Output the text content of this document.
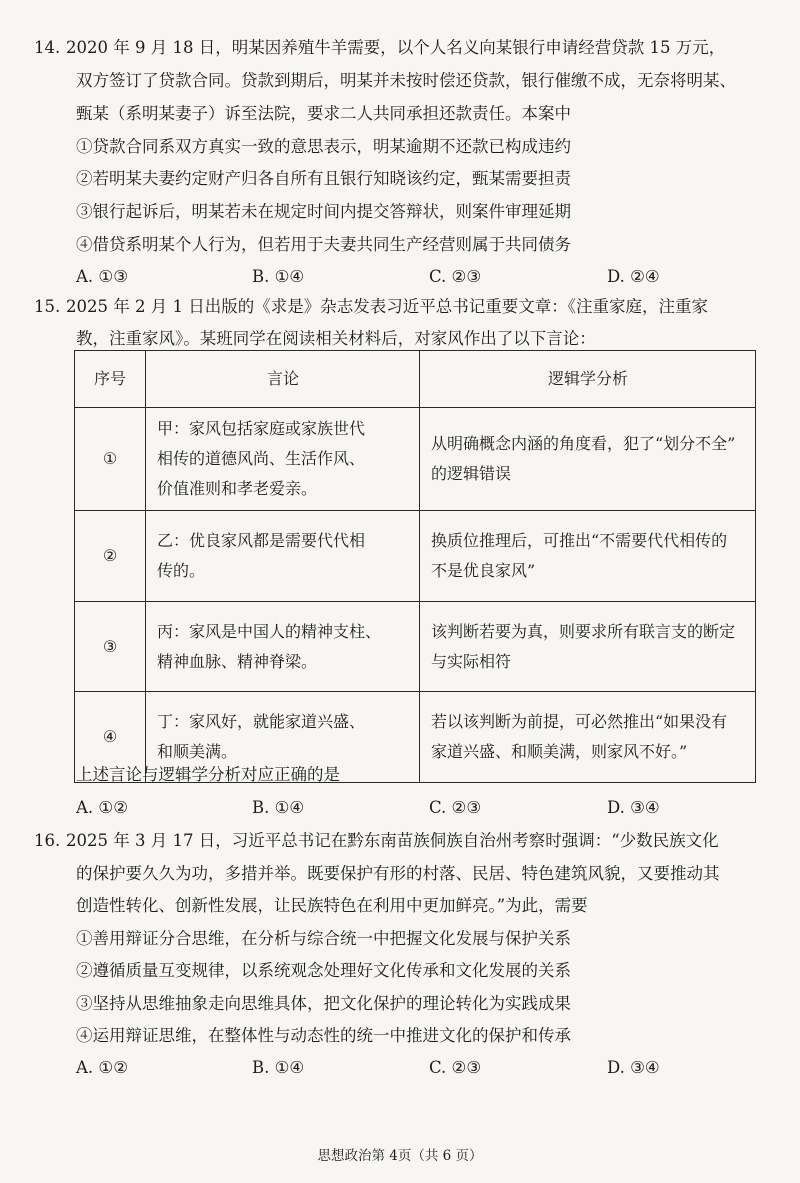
14. 2020 年 9 月 18 日，明某因养殖牛羊需要，以个人名义向某银行申请经营贷款 15 万元，
双方签订了贷款合同。贷款到期后，明某并未按时偿还贷款，银行催缴不成，无奈将明某、
甄某（系明某妻子）诉至法院，要求二人共同承担还款责任。本案中
①贷款合同系双方真实一致的意思表示，明某逾期不还款已构成违约
②若明某夫妻约定财产归各自所有且银行知晓该约定，甄某需要担责
③银行起诉后，明某若未在规定时间内提交答辩状，则案件审理延期
④借贷系明某个人行为，但若用于夫妻共同生产经营则属于共同债务
A. ①③	B. ①④	C. ②③	D. ②④
15. 2025 年 2 月 1 日出版的《求是》杂志发表习近平总书记重要文章：《注重家庭，注重家
教，注重家风》。某班同学在阅读相关材料后，对家风作出了以下言论：
序号	言论	逻辑学分析
①	甲：家风包括家庭或家族世代
相传的道德风尚、生活作风、
价值准则和孝老爱亲。	从明确概念内涵的角度看，犯了“划分不全”
的逻辑错误

②	乙：优良家风都是需要代代相
传的。	换质位推理后，可推出“不需要代代相传的
不是优良家风”

③	丙：家风是中国人的精神支柱、
精神血脉、精神脊梁。	该判断若要为真，则要求所有联言支的断定
与实际相符

④	丁：家风好，就能家道兴盛、
和顺美满。	若以该判断为前提，可必然推出“如果没有
家道兴盛、和顺美满，则家风不好。”
上述言论与逻辑学分析对应正确的是
A. ①②	B. ①④	C. ②③	D. ③④
16. 2025 年 3 月 17 日，习近平总书记在黔东南苗族侗族自治州考察时强调：“少数民族文化
的保护要久久为功，多措并举。既要保护有形的村落、民居、特色建筑风貌，又要推动其
创造性转化、创新性发展，让民族特色在利用中更加鲜亮。”为此，需要
①善用辩证分合思维，在分析与综合统一中把握文化发展与保护关系
②遵循质量互变规律，以系统观念处理好文化传承和文化发展的关系
③坚持从思维抽象走向思维具体，把文化保护的理论转化为实践成果
④运用辩证思维，在整体性与动态性的统一中推进文化的保护和传承
A. ①②	B. ①④	C. ②③	D. ③④
思想政治第 4页（共 6 页）
